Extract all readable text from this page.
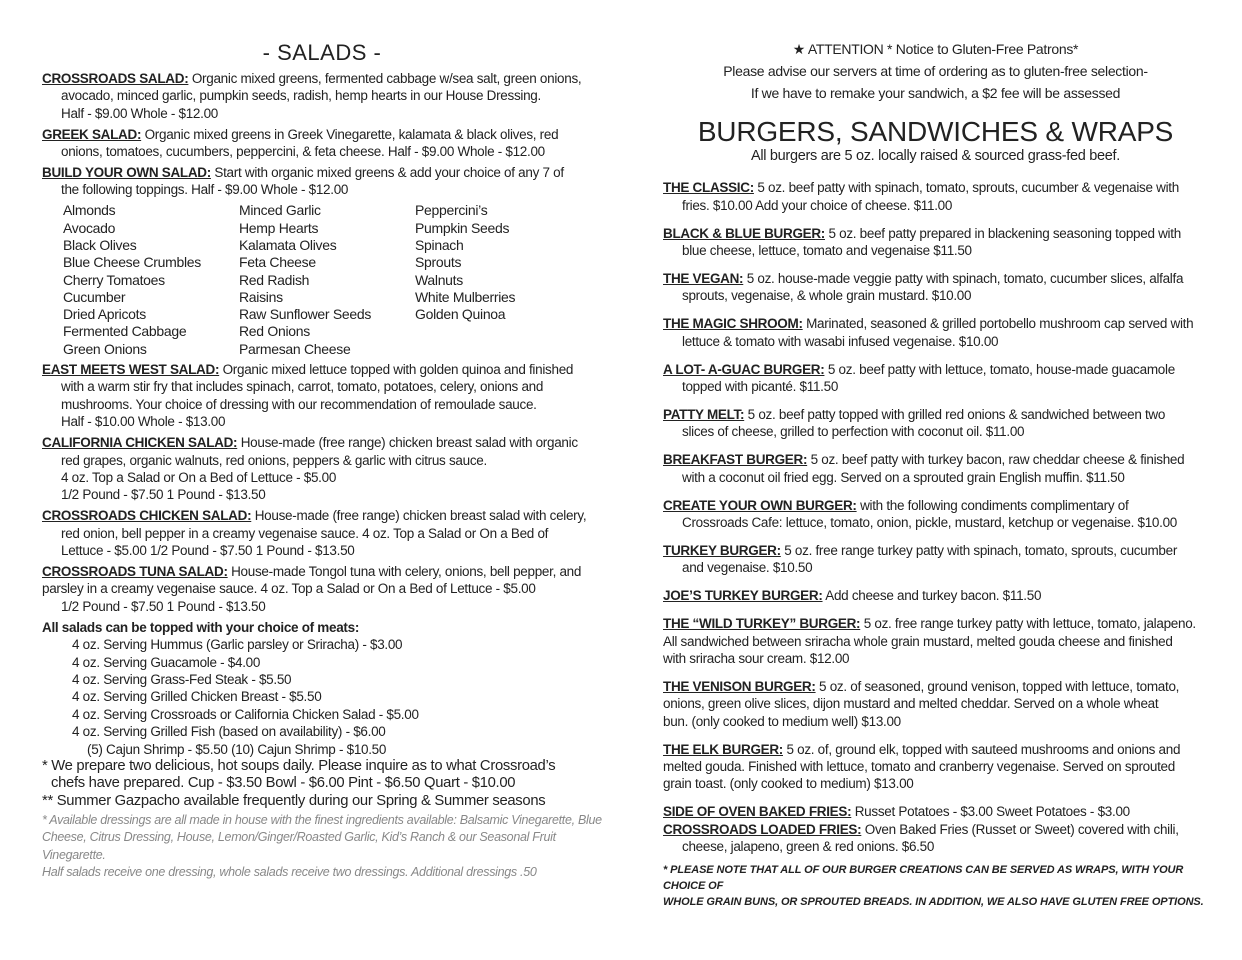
- SALADS -
CROSSROADS SALAD: Organic mixed greens, fermented cabbage w/sea salt, green onions,
avocado, minced garlic, pumpkin seeds, radish, hemp hearts in our House Dressing.
Half - $9.00 Whole - $12.00
GREEK SALAD: Organic mixed greens in Greek Vinegarette, kalamata & black olives, red
onions, tomatoes, cucumbers, peppercini, & feta cheese. Half - $9.00 Whole - $12.00
BUILD YOUR OWN SALAD: Start with organic mixed greens & add your choice of any 7 of
the following toppings. Half - $9.00 Whole - $12.00
Almonds	Minced Garlic	Peppercini’s
Avocado	Hemp Hearts	Pumpkin Seeds
Black Olives	Kalamata Olives	Spinach
Blue Cheese Crumbles	Feta Cheese	Sprouts
Cherry Tomatoes	Red Radish	Walnuts
Cucumber	Raisins	White Mulberries
Dried Apricots	Raw Sunflower Seeds	Golden Quinoa
Fermented Cabbage	Red Onions
Green Onions	Parmesan Cheese
EAST MEETS WEST SALAD: Organic mixed lettuce topped with golden quinoa and finished
with a warm stir fry that includes spinach, carrot, tomato, potatoes, celery, onions and
mushrooms. Your choice of dressing with our recommendation of remoulade sauce.
Half - $10.00 Whole - $13.00
CALIFORNIA CHICKEN SALAD: House-made (free range) chicken breast salad with organic
red grapes, organic walnuts, red onions, peppers & garlic with citrus sauce.
4 oz. Top a Salad or On a Bed of Lettuce - $5.00
1/2 Pound - $7.50 1 Pound - $13.50
CROSSROADS CHICKEN SALAD: House-made (free range) chicken breast salad with celery,
red onion, bell pepper in a creamy vegenaise sauce. 4 oz. Top a Salad or On a Bed of
Lettuce - $5.00 1/2 Pound - $7.50 1 Pound - $13.50
CROSSROADS TUNA SALAD: House-made Tongol tuna with celery, onions, bell pepper, and
parsley in a creamy vegenaise sauce. 4 oz. Top a Salad or On a Bed of Lettuce - $5.00
1/2 Pound - $7.50 1 Pound - $13.50
All salads can be topped with your choice of meats:
4 oz. Serving Hummus (Garlic parsley or Sriracha) - $3.00
4 oz. Serving Guacamole - $4.00
4 oz. Serving Grass-Fed Steak - $5.50
4 oz. Serving Grilled Chicken Breast - $5.50
4 oz. Serving Crossroads or California Chicken Salad - $5.00
4 oz. Serving Grilled Fish (based on availability) - $6.00
(5) Cajun Shrimp - $5.50 (10) Cajun Shrimp - $10.50
* We prepare two delicious, hot soups daily. Please inquire as to what Crossroad’s
chefs have prepared. Cup - $3.50 Bowl - $6.00 Pint - $6.50 Quart - $10.00
** Summer Gazpacho available frequently during our Spring & Summer seasons
* Available dressings are all made in house with the finest ingredients available: Balsamic Vinegarette, Blue
Cheese, Citrus Dressing, House, Lemon/Ginger/Roasted Garlic, Kid’s Ranch & our Seasonal Fruit Vinegarette.
Half salads receive one dressing, whole salads receive two dressings. Additional dressings .50
★ ATTENTION * Notice to Gluten-Free Patrons*
Please advise our servers at time of ordering as to gluten-free selection-
If we have to remake your sandwich, a $2 fee will be assessed
BURGERS, SANDWICHES & WRAPS
All burgers are 5 oz. locally raised & sourced grass-fed beef.
THE CLASSIC: 5 oz. beef patty with spinach, tomato, sprouts, cucumber & vegenaise with
fries. $10.00 Add your choice of cheese. $11.00
BLACK & BLUE BURGER: 5 oz. beef patty prepared in blackening seasoning topped with
blue cheese, lettuce, tomato and vegenaise $11.50
THE VEGAN: 5 oz. house-made veggie patty with spinach, tomato, cucumber slices, alfalfa
sprouts, vegenaise, & whole grain mustard. $10.00
THE MAGIC SHROOM: Marinated, seasoned & grilled portobello mushroom cap served with
lettuce & tomato with wasabi infused vegenaise. $10.00
A LOT- A-GUAC BURGER: 5 oz. beef patty with lettuce, tomato, house-made guacamole
topped with picanté. $11.50
PATTY MELT: 5 oz. beef patty topped with grilled red onions & sandwiched between two
slices of cheese, grilled to perfection with coconut oil. $11.00
BREAKFAST BURGER: 5 oz. beef patty with turkey bacon, raw cheddar cheese & finished
with a coconut oil fried egg. Served on a sprouted grain English muffin. $11.50
CREATE YOUR OWN BURGER: with the following condiments complimentary of
Crossroads Cafe: lettuce, tomato, onion, pickle, mustard, ketchup or vegenaise. $10.00
TURKEY BURGER: 5 oz. free range turkey patty with spinach, tomato, sprouts, cucumber
and vegenaise. $10.50
JOE’S TURKEY BURGER: Add cheese and turkey bacon. $11.50
THE “WILD TURKEY” BURGER: 5 oz. free range turkey patty with lettuce, tomato, jalapeno.
All sandwiched between sriracha whole grain mustard, melted gouda cheese and finished
with sriracha sour cream. $12.00
THE VENISON BURGER: 5 oz. of seasoned, ground venison, topped with lettuce, tomato,
onions, green olive slices, dijon mustard and melted cheddar. Served on a whole wheat
bun. (only cooked to medium well) $13.00
THE ELK BURGER: 5 oz. of, ground elk, topped with sauteed mushrooms and onions and
melted gouda. Finished with lettuce, tomato and cranberry vegenaise. Served on sprouted
grain toast. (only cooked to medium) $13.00
SIDE OF OVEN BAKED FRIES: Russet Potatoes - $3.00 Sweet Potatoes - $3.00
CROSSROADS LOADED FRIES: Oven Baked Fries (Russet or Sweet) covered with chili,
cheese, jalapeno, green & red onions. $6.50
* PLEASE NOTE THAT ALL OF OUR BURGER CREATIONS CAN BE SERVED AS WRAPS, WITH YOUR CHOICE OF
WHOLE GRAIN BUNS, OR SPROUTED BREADS. IN ADDITION, WE ALSO HAVE GLUTEN FREE OPTIONS.
